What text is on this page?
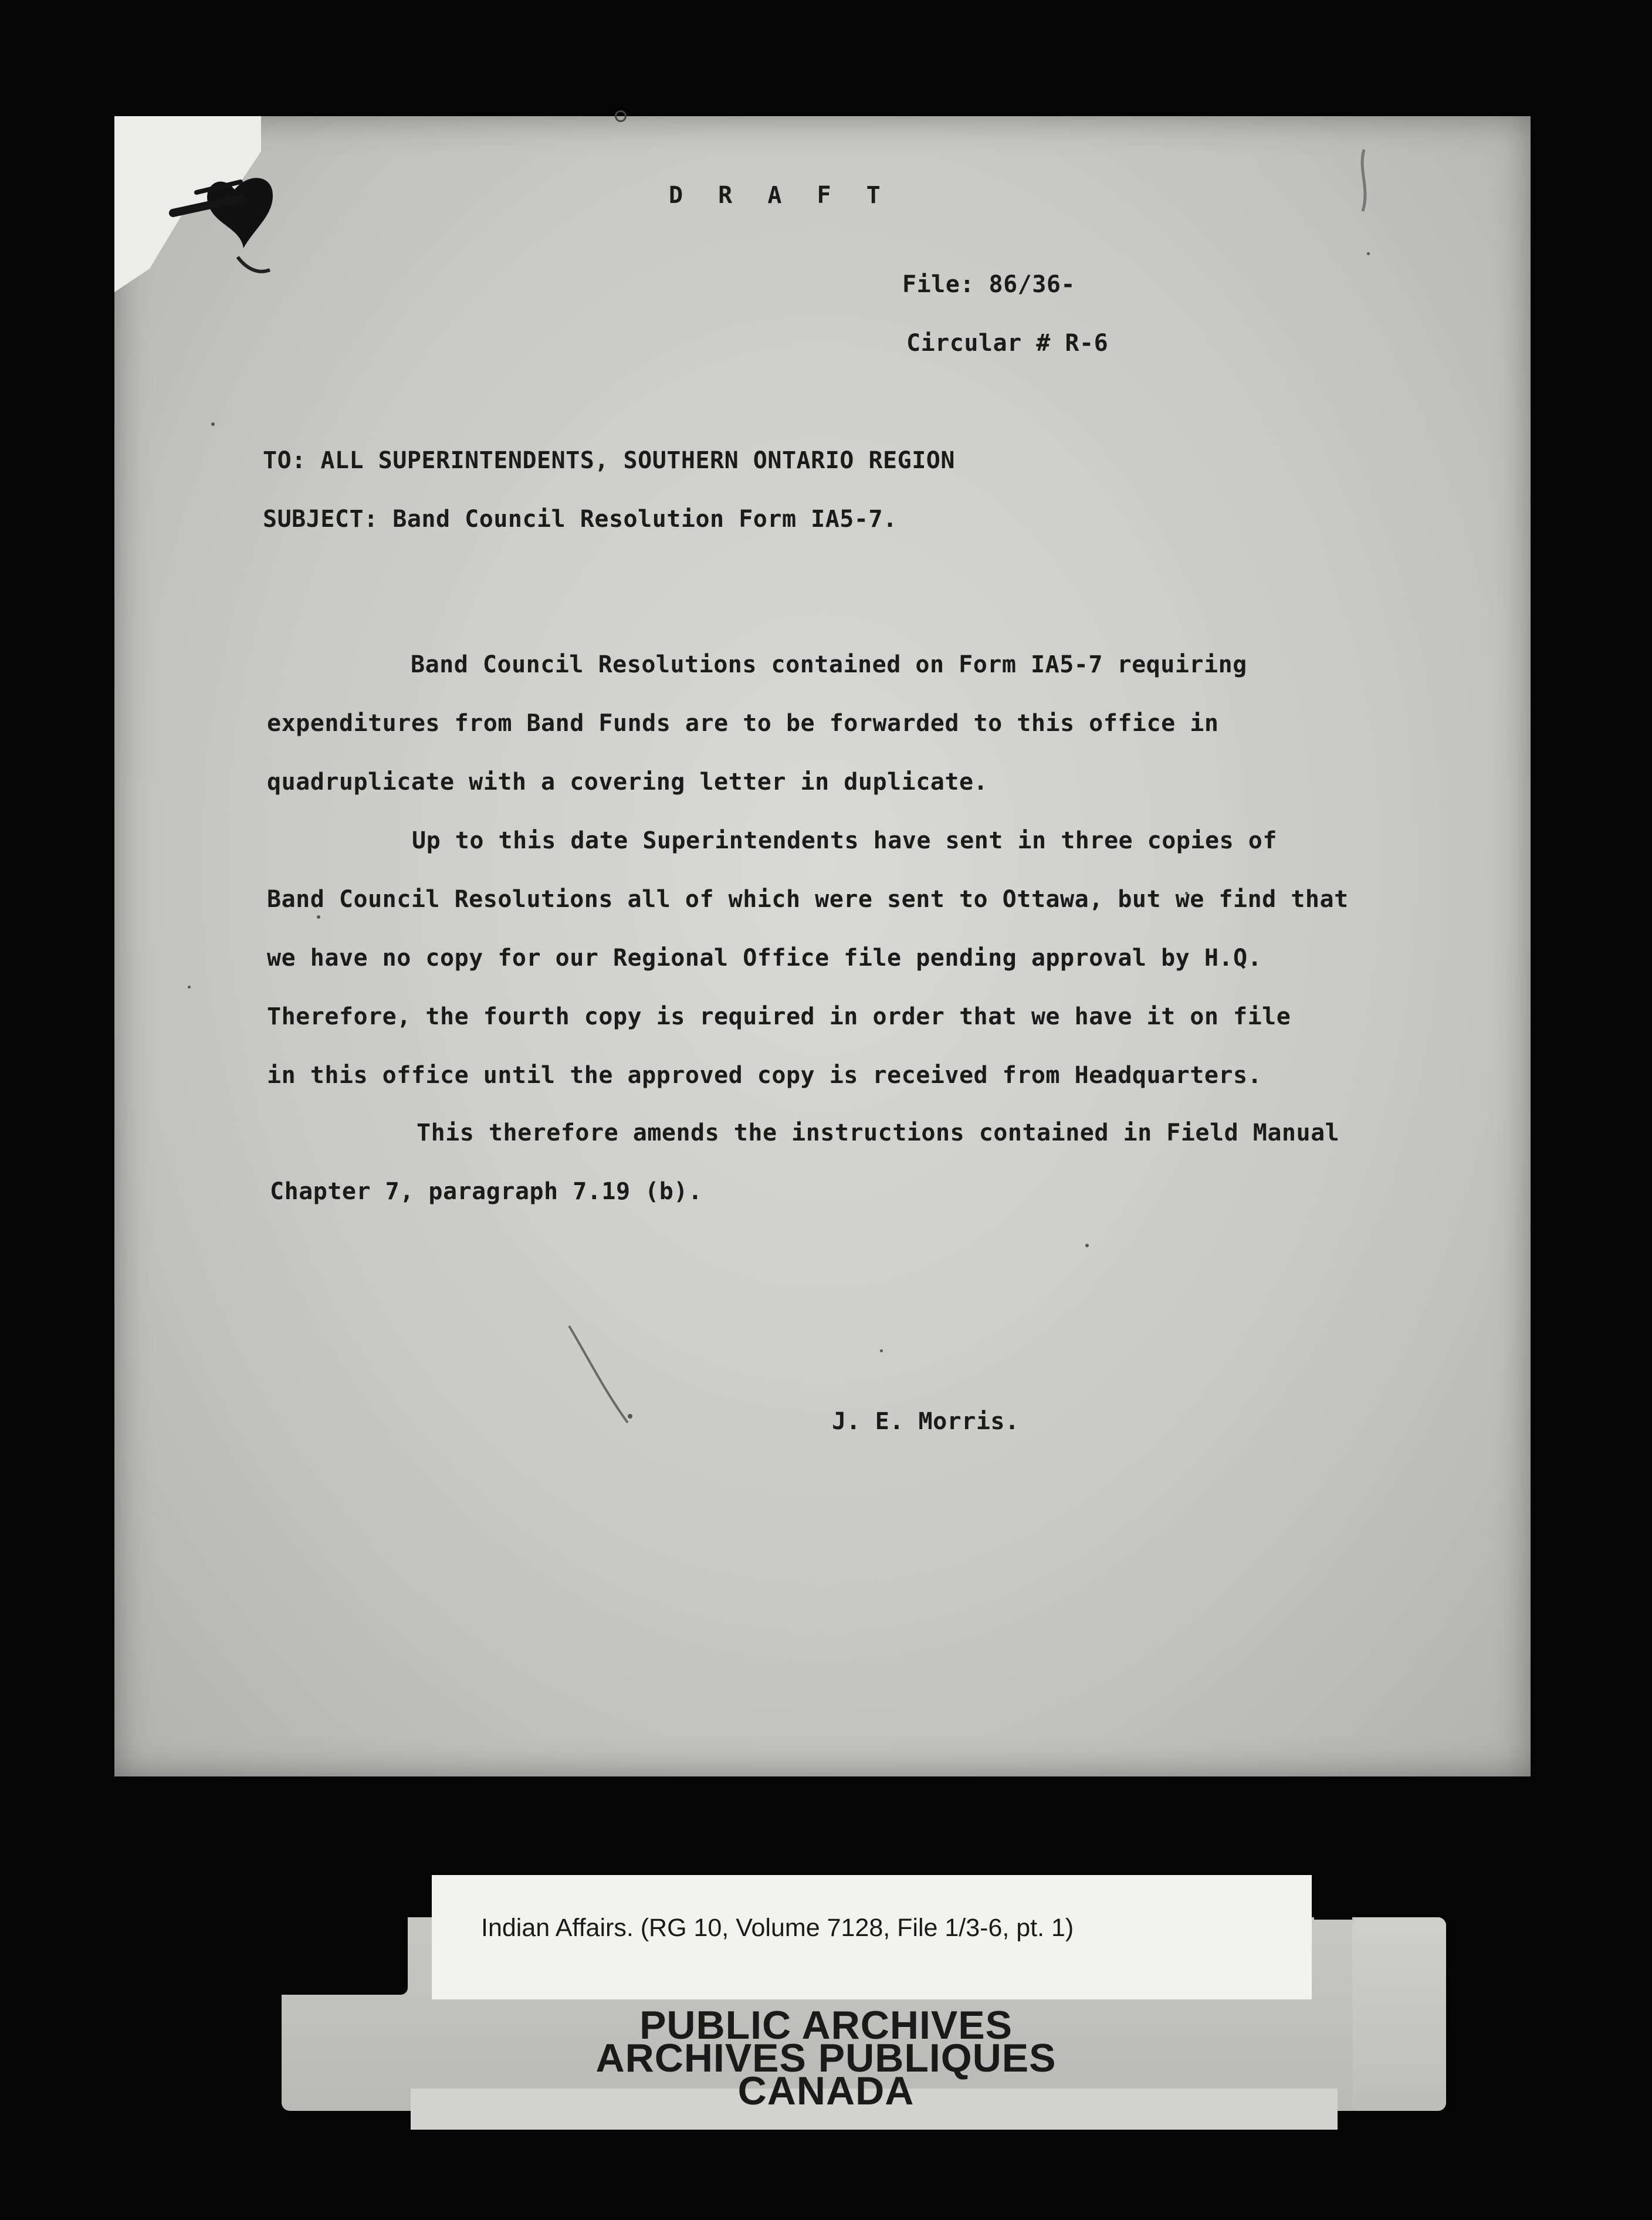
D R A F T
File: 86/36-
Circular # R-6
TO: ALL SUPERINTENDENTS, SOUTHERN ONTARIO REGION
SUBJECT: Band Council Resolution Form IA5-7.
Band Council Resolutions contained on Form IA5-7 requiring
expenditures from Band Funds are to be forwarded to this office in
quadruplicate with a covering letter in duplicate.
Up to this date Superintendents have sent in three copies of
Band Council Resolutions all of which were sent to Ottawa, but we find that
we have no copy for our Regional Office file pending approval by H.Q.
Therefore, the fourth copy is required in order that we have it on file
in this office until the approved copy is received from Headquarters.
This therefore amends the instructions contained in Field Manual
Chapter 7, paragraph 7.19 (b).
J. E. Morris.
Indian Affairs. (RG 10, Volume 7128, File 1/3-6, pt. 1)
PUBLIC ARCHIVES
ARCHIVES PUBLIQUES
CANADA
